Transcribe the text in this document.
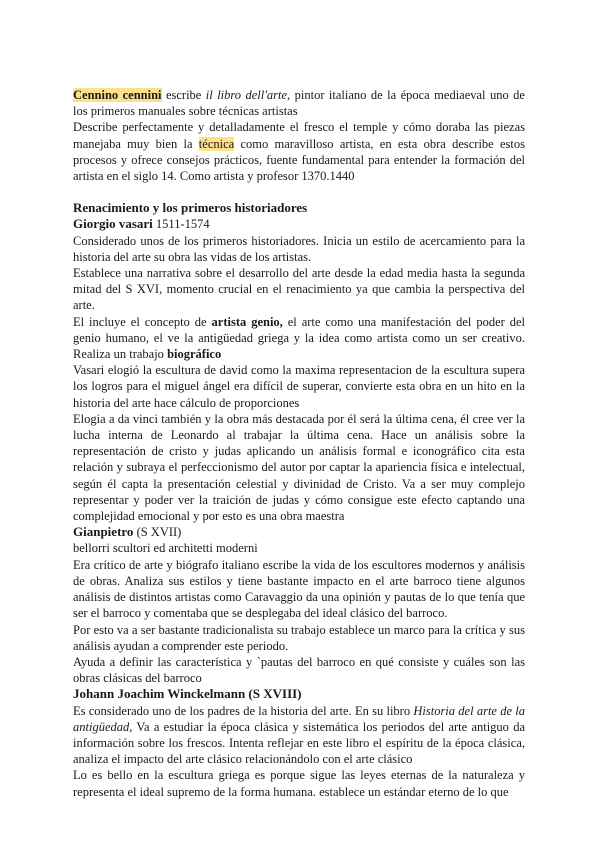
Cennino cennini escribe il libro dell'arte, pintor italiano de la época mediaeval uno de los primeros manuales sobre técnicas artistas

Describe perfectamente y detalladamente el fresco el temple y cómo doraba las piezas manejaba muy bien la técnica como maravilloso artista, en esta obra describe estos procesos y ofrece consejos prácticos, fuente fundamental para entender la formación del artista en el siglo 14. Como artista y profesor 1370.1440

Renacimiento y los primeros historiadores

Giorgio vasari 1511-1574

Considerado unos de los primeros historiadores. Inicia un estilo de acercamiento para la historia del arte su obra las vidas de los artistas.

Establece una narrativa sobre el desarrollo del arte desde la edad media hasta la segunda mitad del S XVI, momento crucial en el renacimiento ya que cambia la perspectiva del arte.

El incluye el concepto de artista genio, el arte como una manifestación del poder del genio humano, el ve la antigüedad griega y la idea como artista como un ser creativo. Realiza un trabajo biográfico

Vasari elogió la escultura de david como la maxima representacion de la escultura supera los logros para el miguel ángel era difícil de superar, convierte esta obra en un hito en la historia del arte hace cálculo de proporciones

Elogia a da vinci también y la obra más destacada por él será la última cena, él cree ver la lucha interna de Leonardo al trabajar la última cena. Hace un análisis sobre la representación de cristo y judas aplicando un análisis formal e iconográfico cita esta relación y subraya el perfeccionismo del autor por captar la apariencia física e intelectual, según él capta la presentación celestial y divinidad de Cristo. Va a ser muy complejo representar y poder ver la traición de judas y cómo consigue este efecto captando una complejidad emocional y por esto es una obra maestra

Gianpietro (S XVII)

bellorri scultori ed architetti moderni

Era crítico de arte y biógrafo italiano escribe la vida de los escultores modernos y análisis de obras. Analiza sus estilos y tiene bastante impacto en el arte barroco tiene algunos análisis de distintos artistas como Caravaggio da una opinión y pautas de lo que tenía que ser el barroco y comentaba que se desplegaba del ideal clásico del barroco.

Por esto va a ser bastante tradicionalista su trabajo establece un marco para la crítica y sus análisis ayudan a comprender este periodo.

Ayuda a definir las característica y `pautas del barroco en qué consiste y cuáles son las obras clásicas del barroco

Johann Joachim Winckelmann (S XVIII)

Es considerado uno de los padres de la historia del arte. En su libro Historia del arte de la antigüedad, Va a estudiar la época clásica y sistemática los periodos del arte antiguo da información sobre los frescos. Intenta reflejar en este libro el espíritu de la época clásica, analiza el impacto del arte clásico relacionándolo con el arte clásico

Lo es bello en la escultura griega es porque sigue las leyes eternas de la naturaleza y representa el ideal supremo de la forma humana. establece un estándar eterno de lo que
